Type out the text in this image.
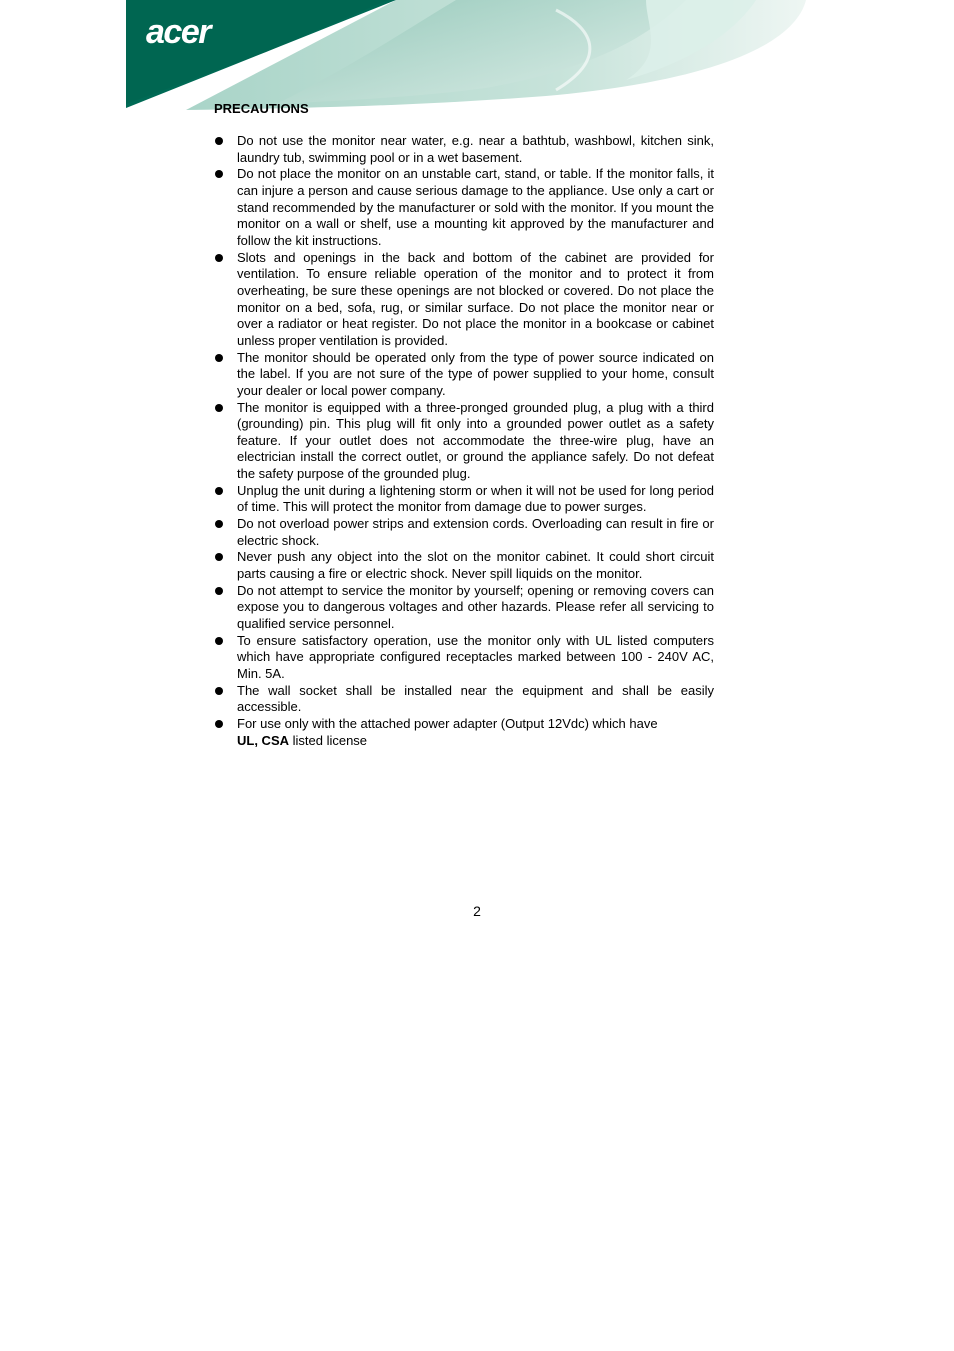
acer
PRECAUTIONS
Do not use the monitor near water, e.g. near a bathtub, washbowl, kitchen sink, laundry tub, swimming pool or in a wet basement.
Do not place the monitor on an unstable cart, stand, or table. If the monitor falls, it can injure a person and cause serious damage to the appliance. Use only a cart or stand recommended by the manufacturer or sold with the monitor. If you mount the monitor on a wall or shelf, use a mounting kit approved by the manufacturer and follow the kit instructions.
Slots and openings in the back and bottom of the cabinet are provided for ventilation. To ensure reliable operation of the monitor and to protect it from overheating, be sure these openings are not blocked or covered. Do not place the monitor on a bed, sofa, rug, or similar surface. Do not place the monitor near or over a radiator or heat register. Do not place the monitor in a bookcase or cabinet unless proper ventilation is provided.
The monitor should be operated only from the type of power source indicated on the label. If you are not sure of the type of power supplied to your home, consult your dealer or local power company.
The monitor is equipped with a three-pronged grounded plug, a plug with a third (grounding) pin. This plug will fit only into a grounded power outlet as a safety feature. If your outlet does not accommodate the three-wire plug, have an electrician install the correct outlet, or ground the appliance safely. Do not defeat the safety purpose of the grounded plug.
Unplug the unit during a lightening storm or when it will not be used for long period of time. This will protect the monitor from damage due to power surges.
Do not overload power strips and extension cords. Overloading can result in fire or electric shock.
Never push any object into the slot on the monitor cabinet. It could short circuit parts causing a fire or electric shock. Never spill liquids on the monitor.
Do not attempt to service the monitor by yourself; opening or removing covers can expose you to dangerous voltages and other hazards. Please refer all servicing to qualified service personnel.
To ensure satisfactory operation, use the monitor only with UL listed computers which have appropriate configured receptacles marked between 100 - 240V AC, Min. 5A.
The wall socket shall be installed near the equipment and shall be easily accessible.
For use only with the attached power adapter (Output 12Vdc) which have
UL, CSA listed license
2
